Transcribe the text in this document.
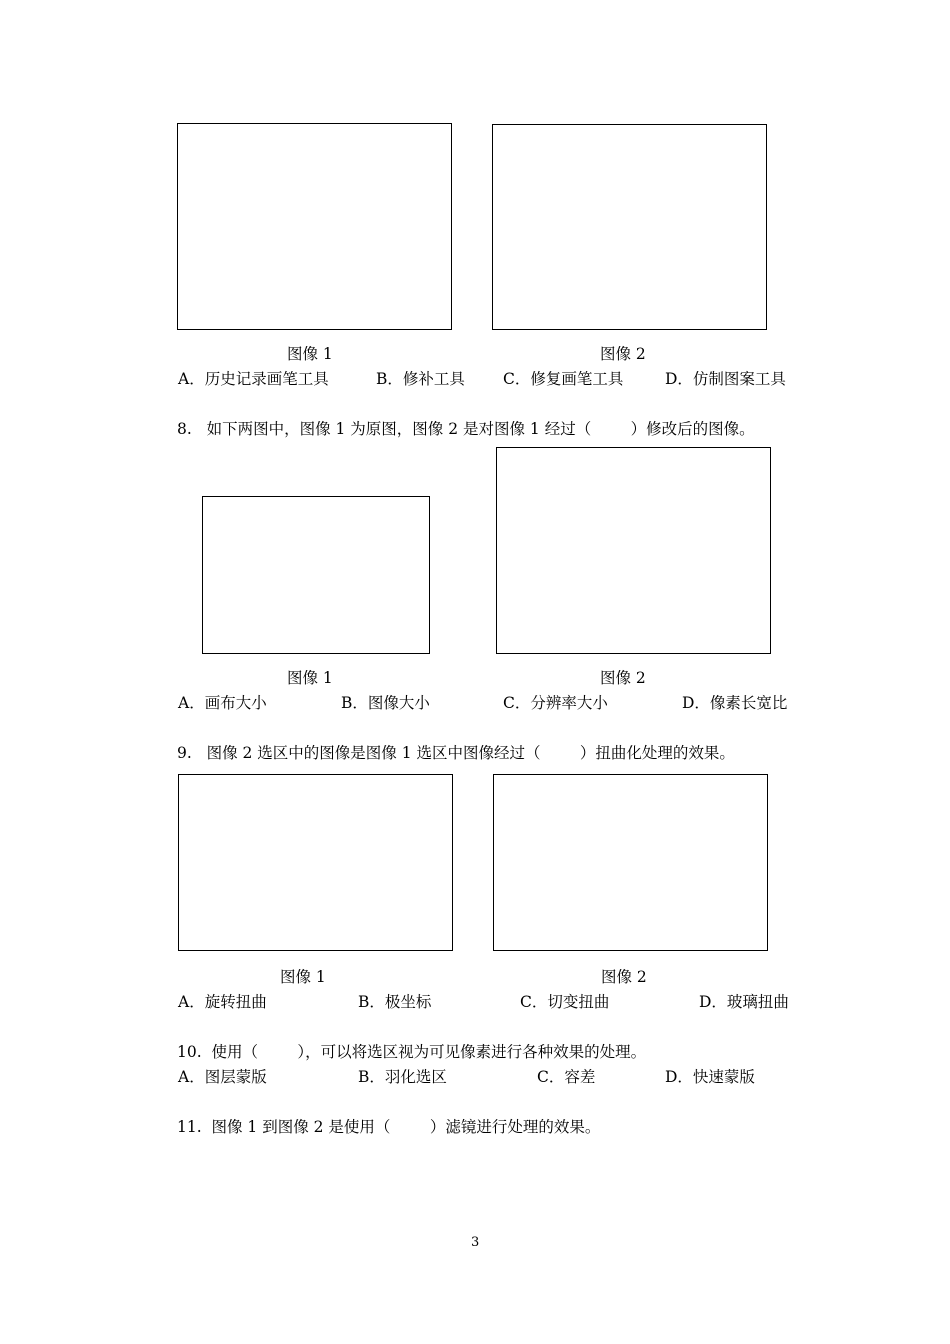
图像 1	图像 2
A．历史记录画笔工具	B．修补工具 C．修复画笔工具	D．仿制图案工具
8.   如下两图中，图像 1 为原图，图像 2 是对图像 1 经过（        ）修改后的图像。
图像 1	图像 2
A．画布大小	B．图像大小	C．分辨率大小	D．像素长宽比
9.   图像 2 选区中的图像是图像 1 选区中图像经过（        ）扭曲化处理的效果。
图像 1	图像 2
A．旋转扭曲	B．极坐标	C．切变扭曲	D．玻璃扭曲
10.  使用（        ），可以将选区视为可见像素进行各种效果的处理。
A．图层蒙版	B．羽化选区	C．容差	D．快速蒙版
11.  图像 1 到图像 2 是使用（        ）滤镜进行处理的效果。
3
